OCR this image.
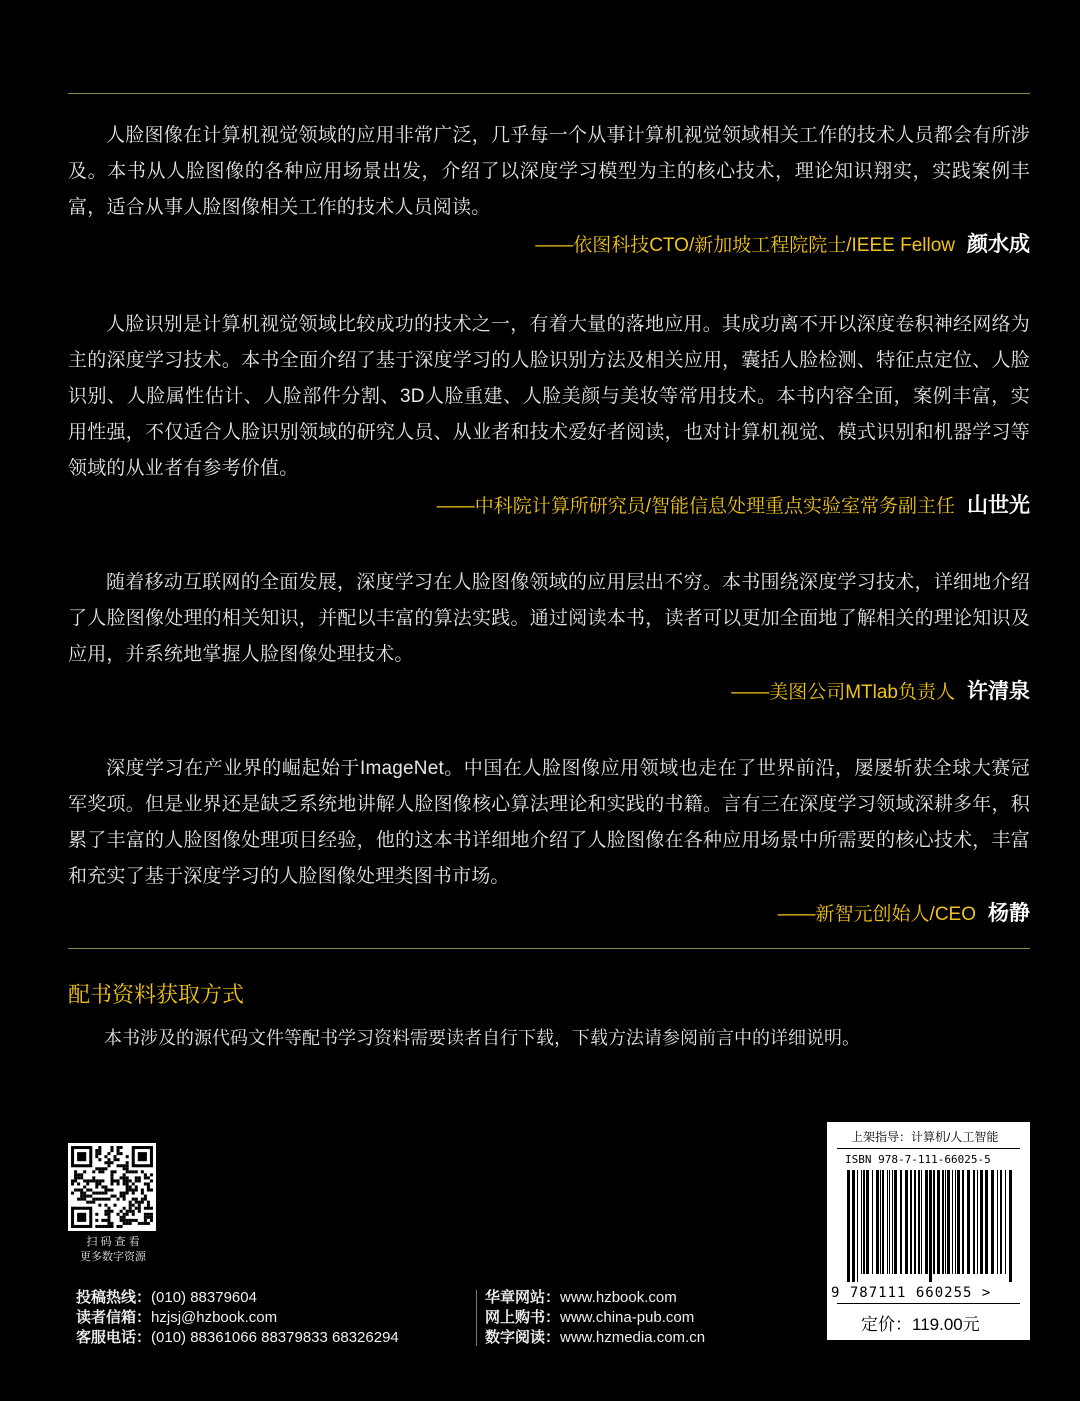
人脸图像在计算机视觉领域的应用非常广泛，几乎每一个从事计算机视觉领域相关工作的技术人员都会有所涉及。本书从人脸图像的各种应用场景出发，介绍了以深度学习模型为主的核心技术，理论知识翔实，实践案例丰富，适合从事人脸图像相关工作的技术人员阅读。

——依图科技CTO/新加坡工程院院士/IEEE Fellow 颜水成

人脸识别是计算机视觉领域比较成功的技术之一，有着大量的落地应用。其成功离不开以深度卷积神经网络为主的深度学习技术。本书全面介绍了基于深度学习的人脸识别方法及相关应用，囊括人脸检测、特征点定位、人脸识别、人脸属性估计、人脸部件分割、3D人脸重建、人脸美颜与美妆等常用技术。本书内容全面，案例丰富，实用性强，不仅适合人脸识别领域的研究人员、从业者和技术爱好者阅读，也对计算机视觉、模式识别和机器学习等领域的从业者有参考价值。

——中科院计算所研究员/智能信息处理重点实验室常务副主任 山世光

随着移动互联网的全面发展，深度学习在人脸图像领域的应用层出不穷。本书围绕深度学习技术，详细地介绍了人脸图像处理的相关知识，并配以丰富的算法实践。通过阅读本书，读者可以更加全面地了解相关的理论知识及应用，并系统地掌握人脸图像处理技术。

——美图公司MTlab负责人 许清泉

深度学习在产业界的崛起始于ImageNet。中国在人脸图像应用领域也走在了世界前沿，屡屡斩获全球大赛冠军奖项。但是业界还是缺乏系统地讲解人脸图像核心算法理论和实践的书籍。言有三在深度学习领域深耕多年，积累了丰富的人脸图像处理项目经验，他的这本书详细地介绍了人脸图像在各种应用场景中所需要的核心技术，丰富和充实了基于深度学习的人脸图像处理类图书市场。

——新智元创始人/CEO 杨静
配书资料获取方式
本书涉及的源代码文件等配书学习资料需要读者自行下载，下载方法请参阅前言中的详细说明。
扫 码 查 看
更多数字资源
投稿热线：(010) 88379604
读者信箱：hzjsj@hzbook.com
客服电话：(010) 88361066 88379833 68326294
华章网站：www.hzbook.com
网上购书：www.china-pub.com
数字阅读：www.hzmedia.com.cn
上架指导：计算机/人工智能
ISBN 978-7-111-66025-5
9 787111 660255 >
定价：119.00元
